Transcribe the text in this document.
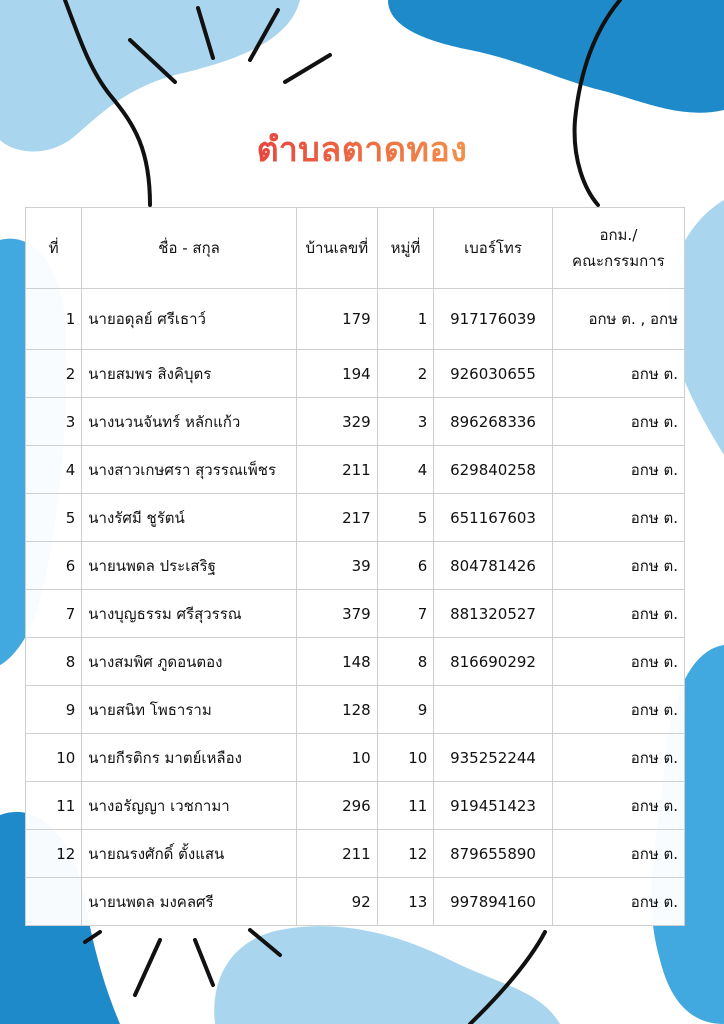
ตำบลตาดทอง
ที่	ชื่อ - สกุล	บ้านเลขที่	หมู่ที่	เบอร์โทร	อกม./
คณะกรรมการ

1	นายอดุลย์ ศรีเธาว์	179	1	917176039	อกษ ต. , อกษ
2	นายสมพร สิงคิบุตร	194	2	926030655	อกษ ต.
3	นางนวนจันทร์ หลักแก้ว	329	3	896268336	อกษ ต.
4	นางสาวเกษศรา สุวรรณเพ็ชร	211	4	629840258	อกษ ต.
5	นางรัศมี ชูรัตน์	217	5	651167603	อกษ ต.
6	นายนพดล ประเสริฐ	39	6	804781426	อกษ ต.
7	นางบุญธรรม ศรีสุวรรณ	379	7	881320527	อกษ ต.
8	นางสมพิศ ภูดอนตอง	148	8	816690292	อกษ ต.
9	นายสนิท โพธาราม	128	9		อกษ ต.
10	นายกีรติกร มาตย์เหลือง	10	10	935252244	อกษ ต.
11	นางอรัญญา เวชกามา	296	11	919451423	อกษ ต.
12	นายณรงศักดิ์ ตั้งแสน	211	12	879655890	อกษ ต.
	นายนพดล มงคลศรี	92	13	997894160	อกษ ต.
